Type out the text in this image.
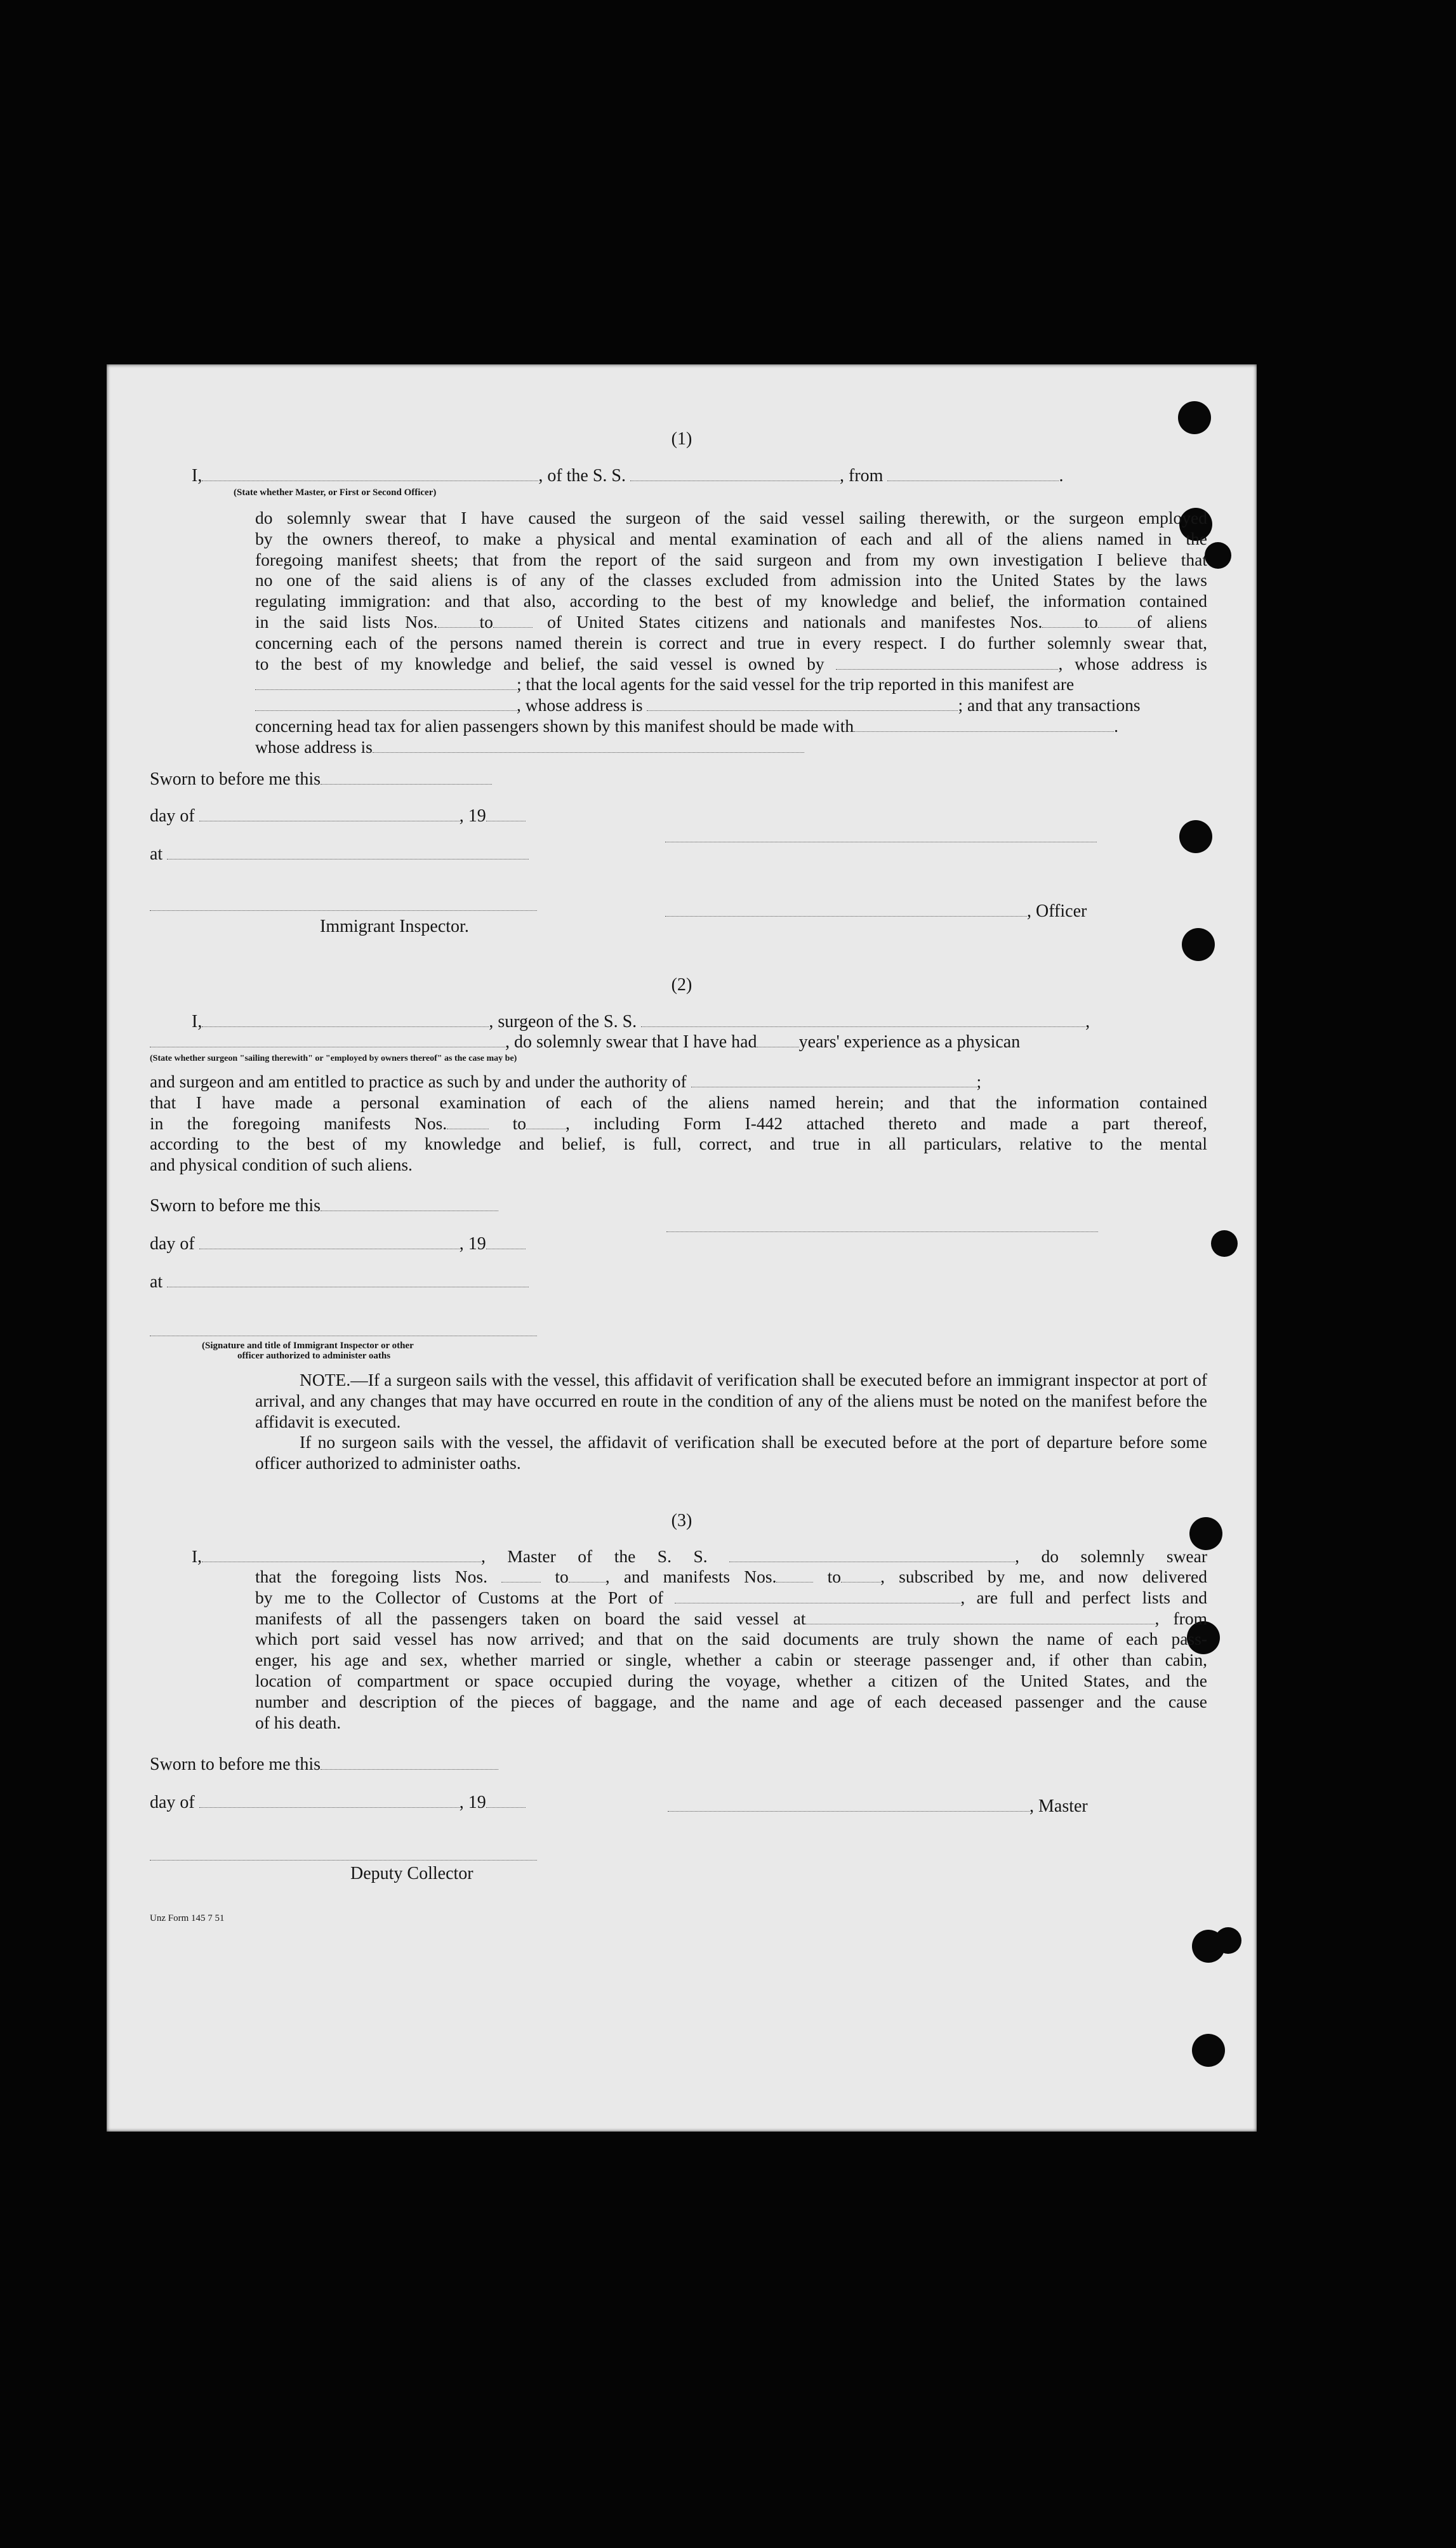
(1)
I,	, of the S. S.	, from	.
(State whether Master, or First or Second Officer)
do solemnly swear that I have caused the surgeon of the said vessel sailing therewith, or the surgeon employed
by the owners thereof, to make a physical and mental examination of each and all of the aliens named in the
foregoing manifest sheets; that from the report of the said surgeon and from my own investigation I believe that
no one of the said aliens is of any of the classes excluded from admission into the United States by the laws
regulating immigration: and that also, according to the best of my knowledge and belief, the information contained
in the said lists Nos. to	of United States citizens and nationals and manifestes Nos. to of aliens
concerning each of the persons named therein is correct and true in every respect. I do further solemnly swear that,
to the best of my knowledge and belief, the said vessel is owned by	, whose address is
; that the local agents for the said vessel for the trip reported in this manifest are
, whose address is	; and that any transactions
concerning head tax for alien passengers shown by this manifest should be made with	.
whose address is
Sworn to before me this
day of	, 19
at
, Officer
Immigrant Inspector.
(2)
I,	, surgeon of the S. S.	,
, do solemnly swear that I have had years' experience as a physican
(State whether surgeon "sailing therewith" or "employed by owners thereof" as the case may be)
and surgeon and am entitled to practice as such by and under the authority of	;
that I have made a personal examination of each of the aliens named herein; and that the information contained
in the foregoing manifests Nos.	to , including Form I-442 attached thereto and made a part thereof,
according to the best of my knowledge and belief, is full, correct, and true in all particulars, relative to the mental
and physical condition of such aliens.
Sworn to before me this
day of	, 19
at
(Signature and title of Immigrant Inspector or other
officer authorized to administer oaths
NOTE.—If a surgeon sails with the vessel, this affidavit of verification shall be executed before an immigrant inspector at port of arrival, and any changes that may have occurred en route in the condition of any of the aliens must be noted on the manifest before the affidavit is executed.
If no surgeon sails with the vessel, the affidavit of verification shall be executed before at the port of departure before some officer authorized to administer oaths.
(3)
I,	, Master of the S. S.	, do solemnly swear
that the foregoing lists Nos.	to , and manifests Nos.	to , subscribed by me, and now delivered
by me to the Collector of Customs at the Port of	, are full and perfect lists and
manifests of all the passengers taken on board the said vessel at	, from
which port said vessel has now arrived; and that on the said documents are truly shown the name of each pass-
enger, his age and sex, whether married or single, whether a cabin or steerage passenger and, if other than cabin,
location of compartment or space occupied during the voyage, whether a citizen of the United States, and the
number and description of the pieces of baggage, and the name and age of each deceased passenger and the cause
of his death.
Sworn to before me this
day of	, 19	, Master
Deputy Collector
Unz Form 145 7 51
